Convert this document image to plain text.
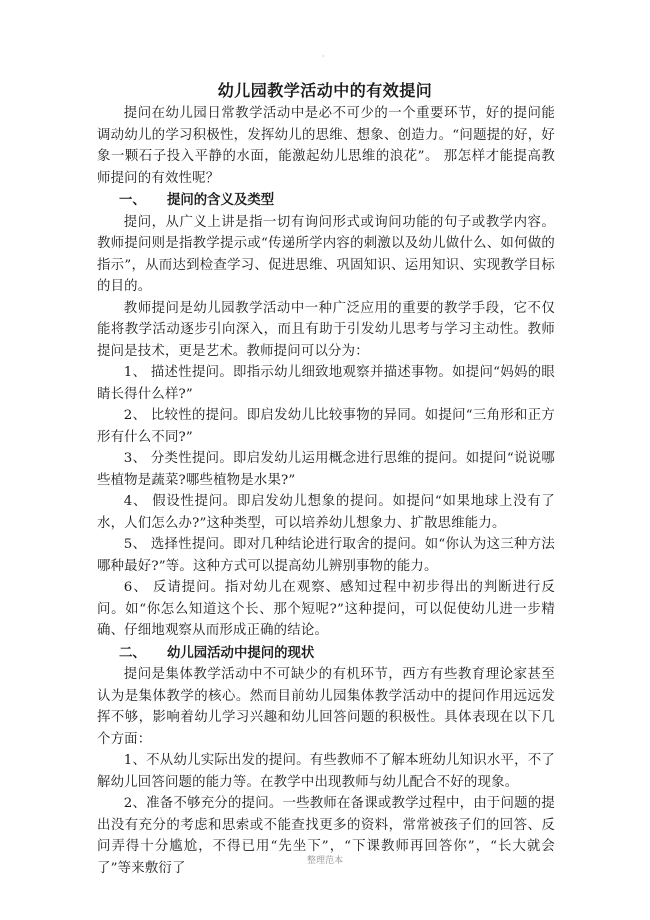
·
幼儿园教学活动中的有效提问

提问在幼儿园日常教学活动中是必不可少的一个重要环节，好的提问能调动幼儿的学习积极性，发挥幼儿的思维、想象、创造力。“问题提的好，好象一颗石子投入平静的水面，能激起幼儿思维的浪花”。 那怎样才能提高教师提问的有效性呢？

一、 提问的含义及类型

提问，从广义上讲是指一切有询问形式或询问功能的句子或教学内容。教师提问则是指教学提示或“传递所学内容的刺激以及幼儿做什么、如何做的指示”，从而达到检查学习、促进思维、巩固知识、运用知识、实现教学目标的目的。

教师提问是幼儿园教学活动中一种广泛应用的重要的教学手段，它不仅能将教学活动逐步引向深入，而且有助于引发幼儿思考与学习主动性。教师提问是技术，更是艺术。教师提问可以分为：

1、 描述性提问。即指示幼儿细致地观察并描述事物。如提问“妈妈的眼睛长得什么样?”

2、 比较性的提问。即启发幼儿比较事物的异同。如提问“三角形和正方形有什么不同?”

3、 分类性提问。即启发幼儿运用概念进行思维的提问。如提问“说说哪些植物是蔬菜?哪些植物是水果?”

4、 假设性提问。即启发幼儿想象的提问。如提问“如果地球上没有了水，人们怎么办?”这种类型，可以培养幼儿想象力、扩散思维能力。

5、 选择性提问。即对几种结论进行取舍的提问。如“你认为这三种方法哪种最好?”等。这种方式可以提高幼儿辨别事物的能力。

6、 反请提问。指对幼儿在观察、感知过程中初步得出的判断进行反问。如“你怎么知道这个长、那个短呢?”这种提问，可以促使幼儿进一步精确、仔细地观察从而形成正确的结论。

二、 幼儿园活动中提问的现状

提问是集体教学活动中不可缺少的有机环节，西方有些教育理论家甚至认为是集体教学的核心。然而目前幼儿园集体教学活动中的提问作用远远发挥不够，影响着幼儿学习兴趣和幼儿回答问题的积极性。具体表现在以下几个方面：

1、不从幼儿实际出发的提问。有些教师不了解本班幼儿知识水平，不了解幼儿回答问题的能力等。在教学中出现教师与幼儿配合不好的现象。

2、准备不够充分的提问。一些教师在备课或教学过程中，由于问题的提出没有充分的考虑和思索或不能查找更多的资料，常常被孩子们的回答、反问弄得十分尴尬，不得已用“先坐下”，“下课教师再回答你”，“长大就会了”等来敷衍了	整理范本
